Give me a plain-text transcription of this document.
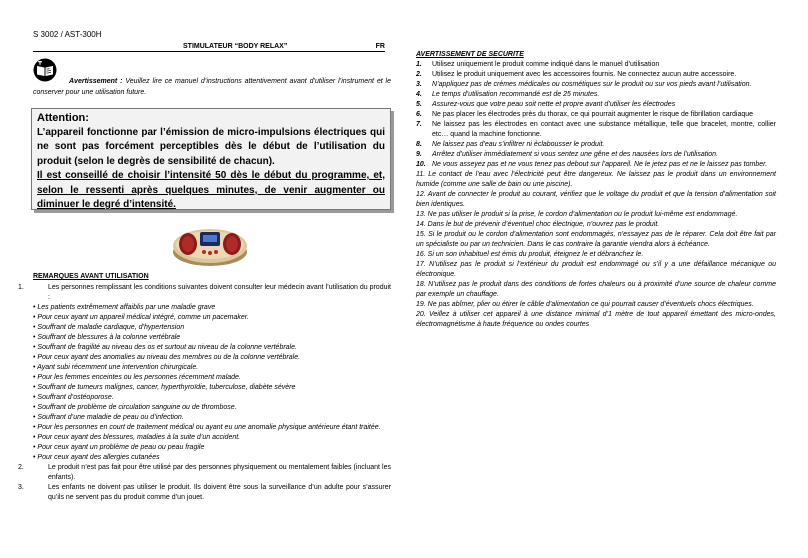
S 3002 / AST-300H
STIMULATEUR “BODY RELAX”	FR
Avertissement : Veuillez lire ce manuel d’instructions attentivement avant d’utiliser l’instrument et le conserver pour une utilisation future.
Attention:
L’appareil fonctionne par l’émission de micro-impulsions électriques qui ne sont pas forcément perceptibles dès le début de l’utilisation du produit (selon le degrès de sensibilité de chacun).
Il est conseillé de choisir l’intensité 50 dès le début du programme, et, selon le ressenti après quelques minutes, de venir augmenter ou diminuer le degré d’intensité.
REMARQUES AVANT UTILISATION
1.	Les personnes remplissant les conditions suivantes doivent consulter leur médecin avant l’utilisation du produit :
• Les patients extrêmement affaiblis par une maladie grave
• Pour ceux ayant un appareil médical intégré, comme un pacemaker.
• Souffrant de maladie cardiaque, d’hypertension
• Souffrant de blessures à la colonne vertébrale
• Souffrant de fragilité au niveau des os et surtout au niveau de la colonne vertébrale.
• Pour ceux ayant des anomalies au niveau des membres ou de la colonne vertébrale.
• Ayant subi récemment une intervention chirurgicale.
• Pour les femmes enceintes ou les personnes récemment malade.
• Souffrant de tumeurs malignes, cancer, hyperthyroïdie, tuberculose, diabète sévère
• Souffrant d’ostéoporose.
• Souffrant de problème de circulation sanguine ou de thrombose.
• Souffrant d’une maladie de peau ou d’infection.
• Pour les personnes en court de traitement médical ou ayant eu une anomalie physique antérieure étant traitée.
• Pour ceux ayant des blessures, maladies à la suite d’un accident.
• Pour ceux ayant un problème de peau ou peau fragile
• Pour ceux ayant des allergies cutanées
2.	Le produit n’est pas fait pour être utilisé par des personnes physiquement ou mentalement faibles (incluant les enfants).
3.	Les enfants ne doivent pas utiliser le produit. Ils doivent être sous la surveillance d’un adulte pour s’assurer qu’ils ne servent pas du produit comme d’un jouet.
AVERTISSEMENT DE SECURITE
1. Utilisez uniquement le produit comme indiqué dans le manuel d’utilisation
2. Utilisez le produit uniquement avec les accessoires fournis. Ne connectez aucun autre accessoire.
3. N’appliquez pas de crèmes médicales ou cosmétiques sur le produit ou sur vos pieds avant l’utilisation.
4. Le temps d’utilisation recommandé est de 25 minutes.
5. Assurez-vous que votre peau soit nette et propre avant d’utiliser les électrodes
6. Ne pas placer les électrodes près du thorax, ce qui pourrait augmenter le risque de fibrillation cardiaque
7. Ne laissez pas les électrodes en contact avec une substance métallique, telle que bracelet, montre, collier etc… quand la machine fonctionne.
8. Ne laissez pas d’eau s’infiltrer ni éclabousser le produit.
9. Arrêtez d’utiliser immédiatement si vous sentez une gêne et des nausées lors de l’utilisation.
10. Ne vous asseyez pas et ne vous tenez pas debout sur l’appareil. Ne le jetez pas et ne le laissez pas tomber.
11. Le contact de l’eau avec l’électricité peut être dangereux. Ne laissez pas le produit dans un environnement humide (comme une salle de bain ou une piscine).
12. Avant de connecter le produit au courant, vérifiez que le voltage du produit et que la tension d’alimentation soit bien identiques.
13. Ne pas utiliser le produit si la prise, le cordon d’alimentation ou le produit lui-même est endommagé.
14. Dans le but de prévenir d’éventuel choc électrique, n’ouvrez pas le produit.
15. Si le produit ou le cordon d’alimentation sont endommagés, n’essayez pas de le réparer. Cela doit être fait par un spécialiste ou par un technicien. Dans le cas contraire la garantie viendra alors à échéance.
16. Si un son inhabituel est émis du produit, éteignez le et débranchez le.
17. N’utilisez pas le produit si l’extérieur du produit est endommagé ou s’il y a une défaillance mécanique ou électronique.
18. N’utilisez pas le produit dans des conditions de fortes chaleurs ou à proximité d’une source de chaleur comme par exemple un chauffage.
19. Ne pas abîmer, plier ou étirer le câble d’alimentation ce qui pourrait causer d’éventuels chocs électriques.
20. Veillez à utiliser cet appareil à une distance minimal d’1 mètre de tout appareil émettant des micro-ondes, électromagnétisme à haute fréquence ou ondes courtes
